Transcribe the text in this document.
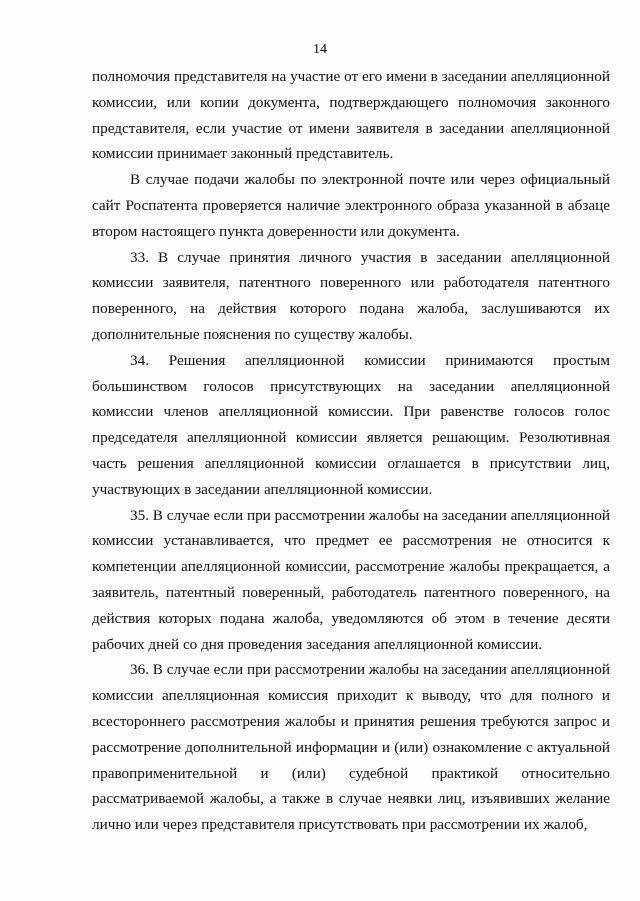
14

полномочия представителя на участие от его имени в заседании апелляционной комиссии, или копии документа, подтверждающего полномочия законного представителя, если участие от имени заявителя в заседании апелляционной комиссии принимает законный представитель.

В случае подачи жалобы по электронной почте или через официальный сайт Роспатента проверяется наличие электронного образа указанной в абзаце втором настоящего пункта доверенности или документа.

33. В случае принятия личного участия в заседании апелляционной комиссии заявителя, патентного поверенного или работодателя патентного поверенного, на действия которого подана жалоба, заслушиваются их дополнительные пояснения по существу жалобы.

34. Решения апелляционной комиссии принимаются простым большинством голосов присутствующих на заседании апелляционной комиссии членов апелляционной комиссии. При равенстве голосов голос председателя апелляционной комиссии является решающим. Резолютивная часть решения апелляционной комиссии оглашается в присутствии лиц, участвующих в заседании апелляционной комиссии.

35. В случае если при рассмотрении жалобы на заседании апелляционной комиссии устанавливается, что предмет ее рассмотрения не относится к компетенции апелляционной комиссии, рассмотрение жалобы прекращается, а заявитель, патентный поверенный, работодатель патентного поверенного, на действия которых подана жалоба, уведомляются об этом в течение десяти рабочих дней со дня проведения заседания апелляционной комиссии.

36. В случае если при рассмотрении жалобы на заседании апелляционной комиссии апелляционная комиссия приходит к выводу, что для полного и всестороннего рассмотрения жалобы и принятия решения требуются запрос и рассмотрение дополнительной информации и (или) ознакомление с актуальной правоприменительной и (или) судебной практикой относительно рассматриваемой жалобы, а также в случае неявки лиц, изъявивших желание лично или через представителя присутствовать при рассмотрении их жалоб,
